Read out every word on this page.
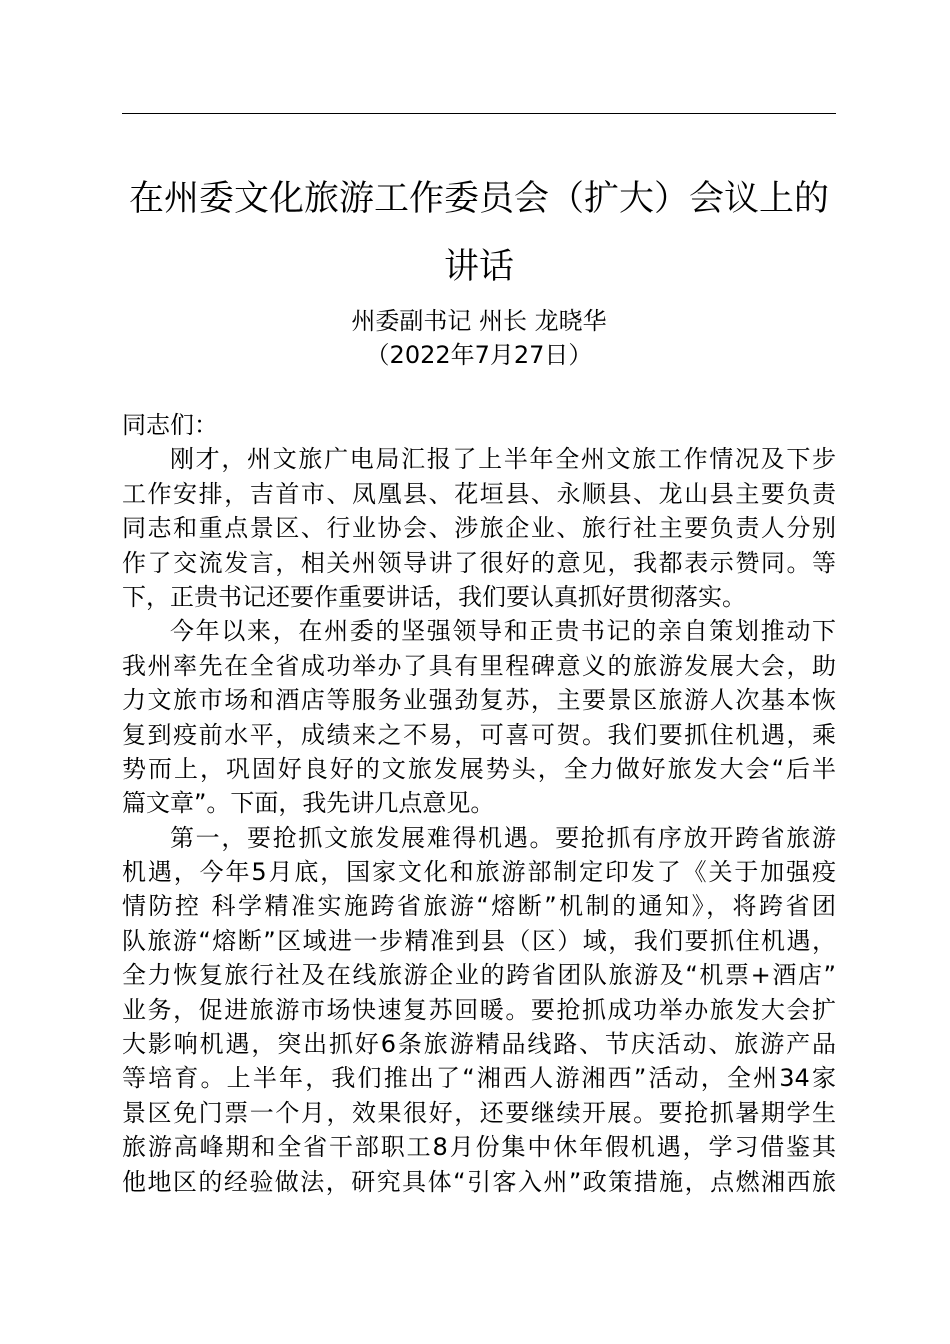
在州委文化旅游工作委员会（扩大）会议上的
讲话
州委副书记 州长 龙晓华
（2022年7月27日）
同志们：
刚才，州文旅广电局汇报了上半年全州文旅工作情况及下步
工作安排，吉首市、凤凰县、花垣县、永顺县、龙山县主要负责
同志和重点景区、行业协会、涉旅企业、旅行社主要负责人分别
作了交流发言，相关州领导讲了很好的意见，我都表示赞同。等
下，正贵书记还要作重要讲话，我们要认真抓好贯彻落实。
今年以来，在州委的坚强领导和正贵书记的亲自策划推动下
我州率先在全省成功举办了具有里程碑意义的旅游发展大会，助
力文旅市场和酒店等服务业强劲复苏，主要景区旅游人次基本恢
复到疫前水平，成绩来之不易，可喜可贺。我们要抓住机遇，乘
势而上，巩固好良好的文旅发展势头，全力做好旅发大会“后半
篇文章”。下面，我先讲几点意见。
第一，要抢抓文旅发展难得机遇。要抢抓有序放开跨省旅游
机遇，今年5月底，国家文化和旅游部制定印发了《关于加强疫
情防控 科学精准实施跨省旅游“熔断”机制的通知》，将跨省团
队旅游“熔断”区域进一步精准到县（区）域，我们要抓住机遇，
全力恢复旅行社及在线旅游企业的跨省团队旅游及“机票+酒店”
业务，促进旅游市场快速复苏回暖。要抢抓成功举办旅发大会扩
大影响机遇，突出抓好6条旅游精品线路、节庆活动、旅游产品
等培育。上半年，我们推出了“湘西人游湘西”活动，全州34家
景区免门票一个月，效果很好，还要继续开展。要抢抓暑期学生
旅游高峰期和全省干部职工8月份集中休年假机遇，学习借鉴其
他地区的经验做法，研究具体“引客入州”政策措施，点燃湘西旅
